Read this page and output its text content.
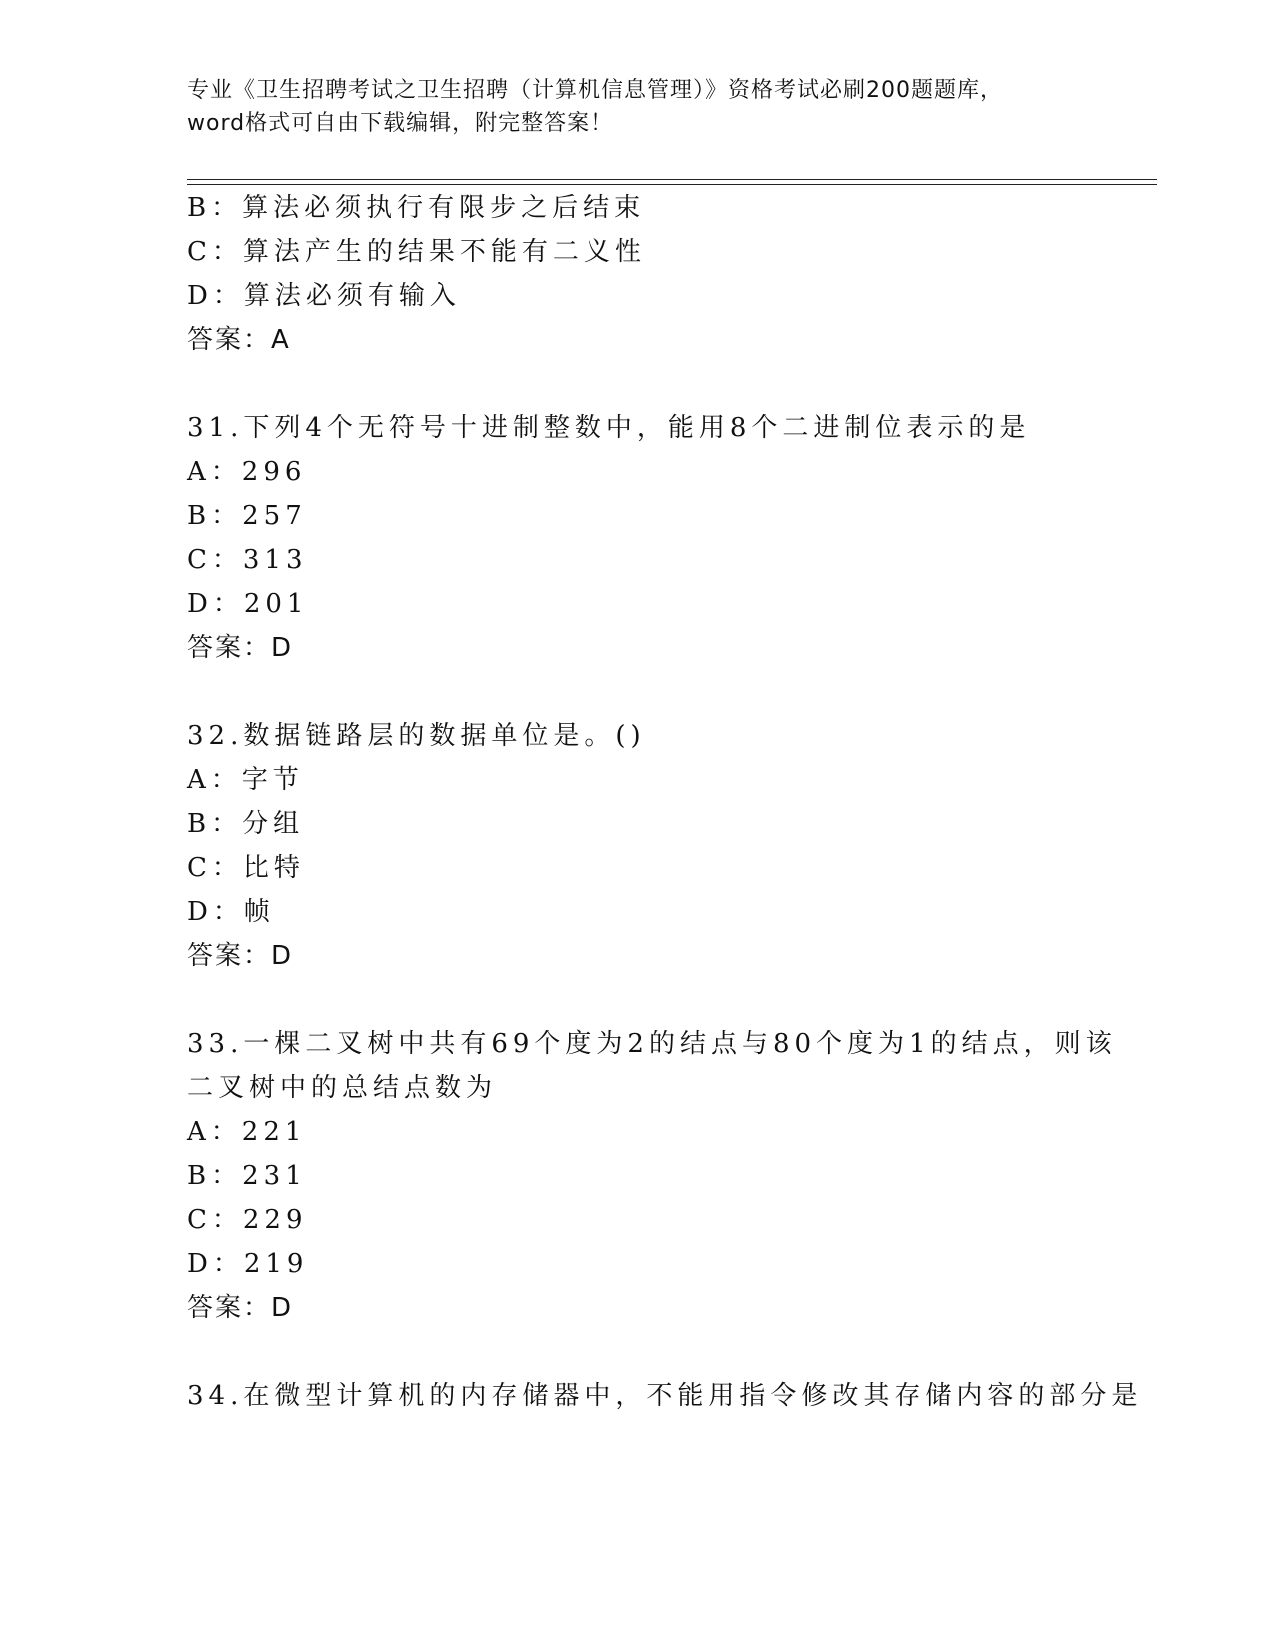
专业《卫生招聘考试之卫生招聘（计算机信息管理）》资格考试必刷200题题库，
word格式可自由下载编辑，附完整答案！
B：算法必须执行有限步之后结束
C：算法产生的结果不能有二义性
D：算法必须有输入
答案：A
31.下列4个无符号十进制整数中，能用8个二进制位表示的是
A：296
B：257
C：313
D：201
答案：D
32.数据链路层的数据单位是。()
A：字节
B：分组
C：比特
D：帧
答案：D
33.一棵二叉树中共有69个度为2的结点与80个度为1的结点，则该
二叉树中的总结点数为
A：221
B：231
C：229
D：219
答案：D
34.在微型计算机的内存储器中，不能用指令修改其存储内容的部分是
